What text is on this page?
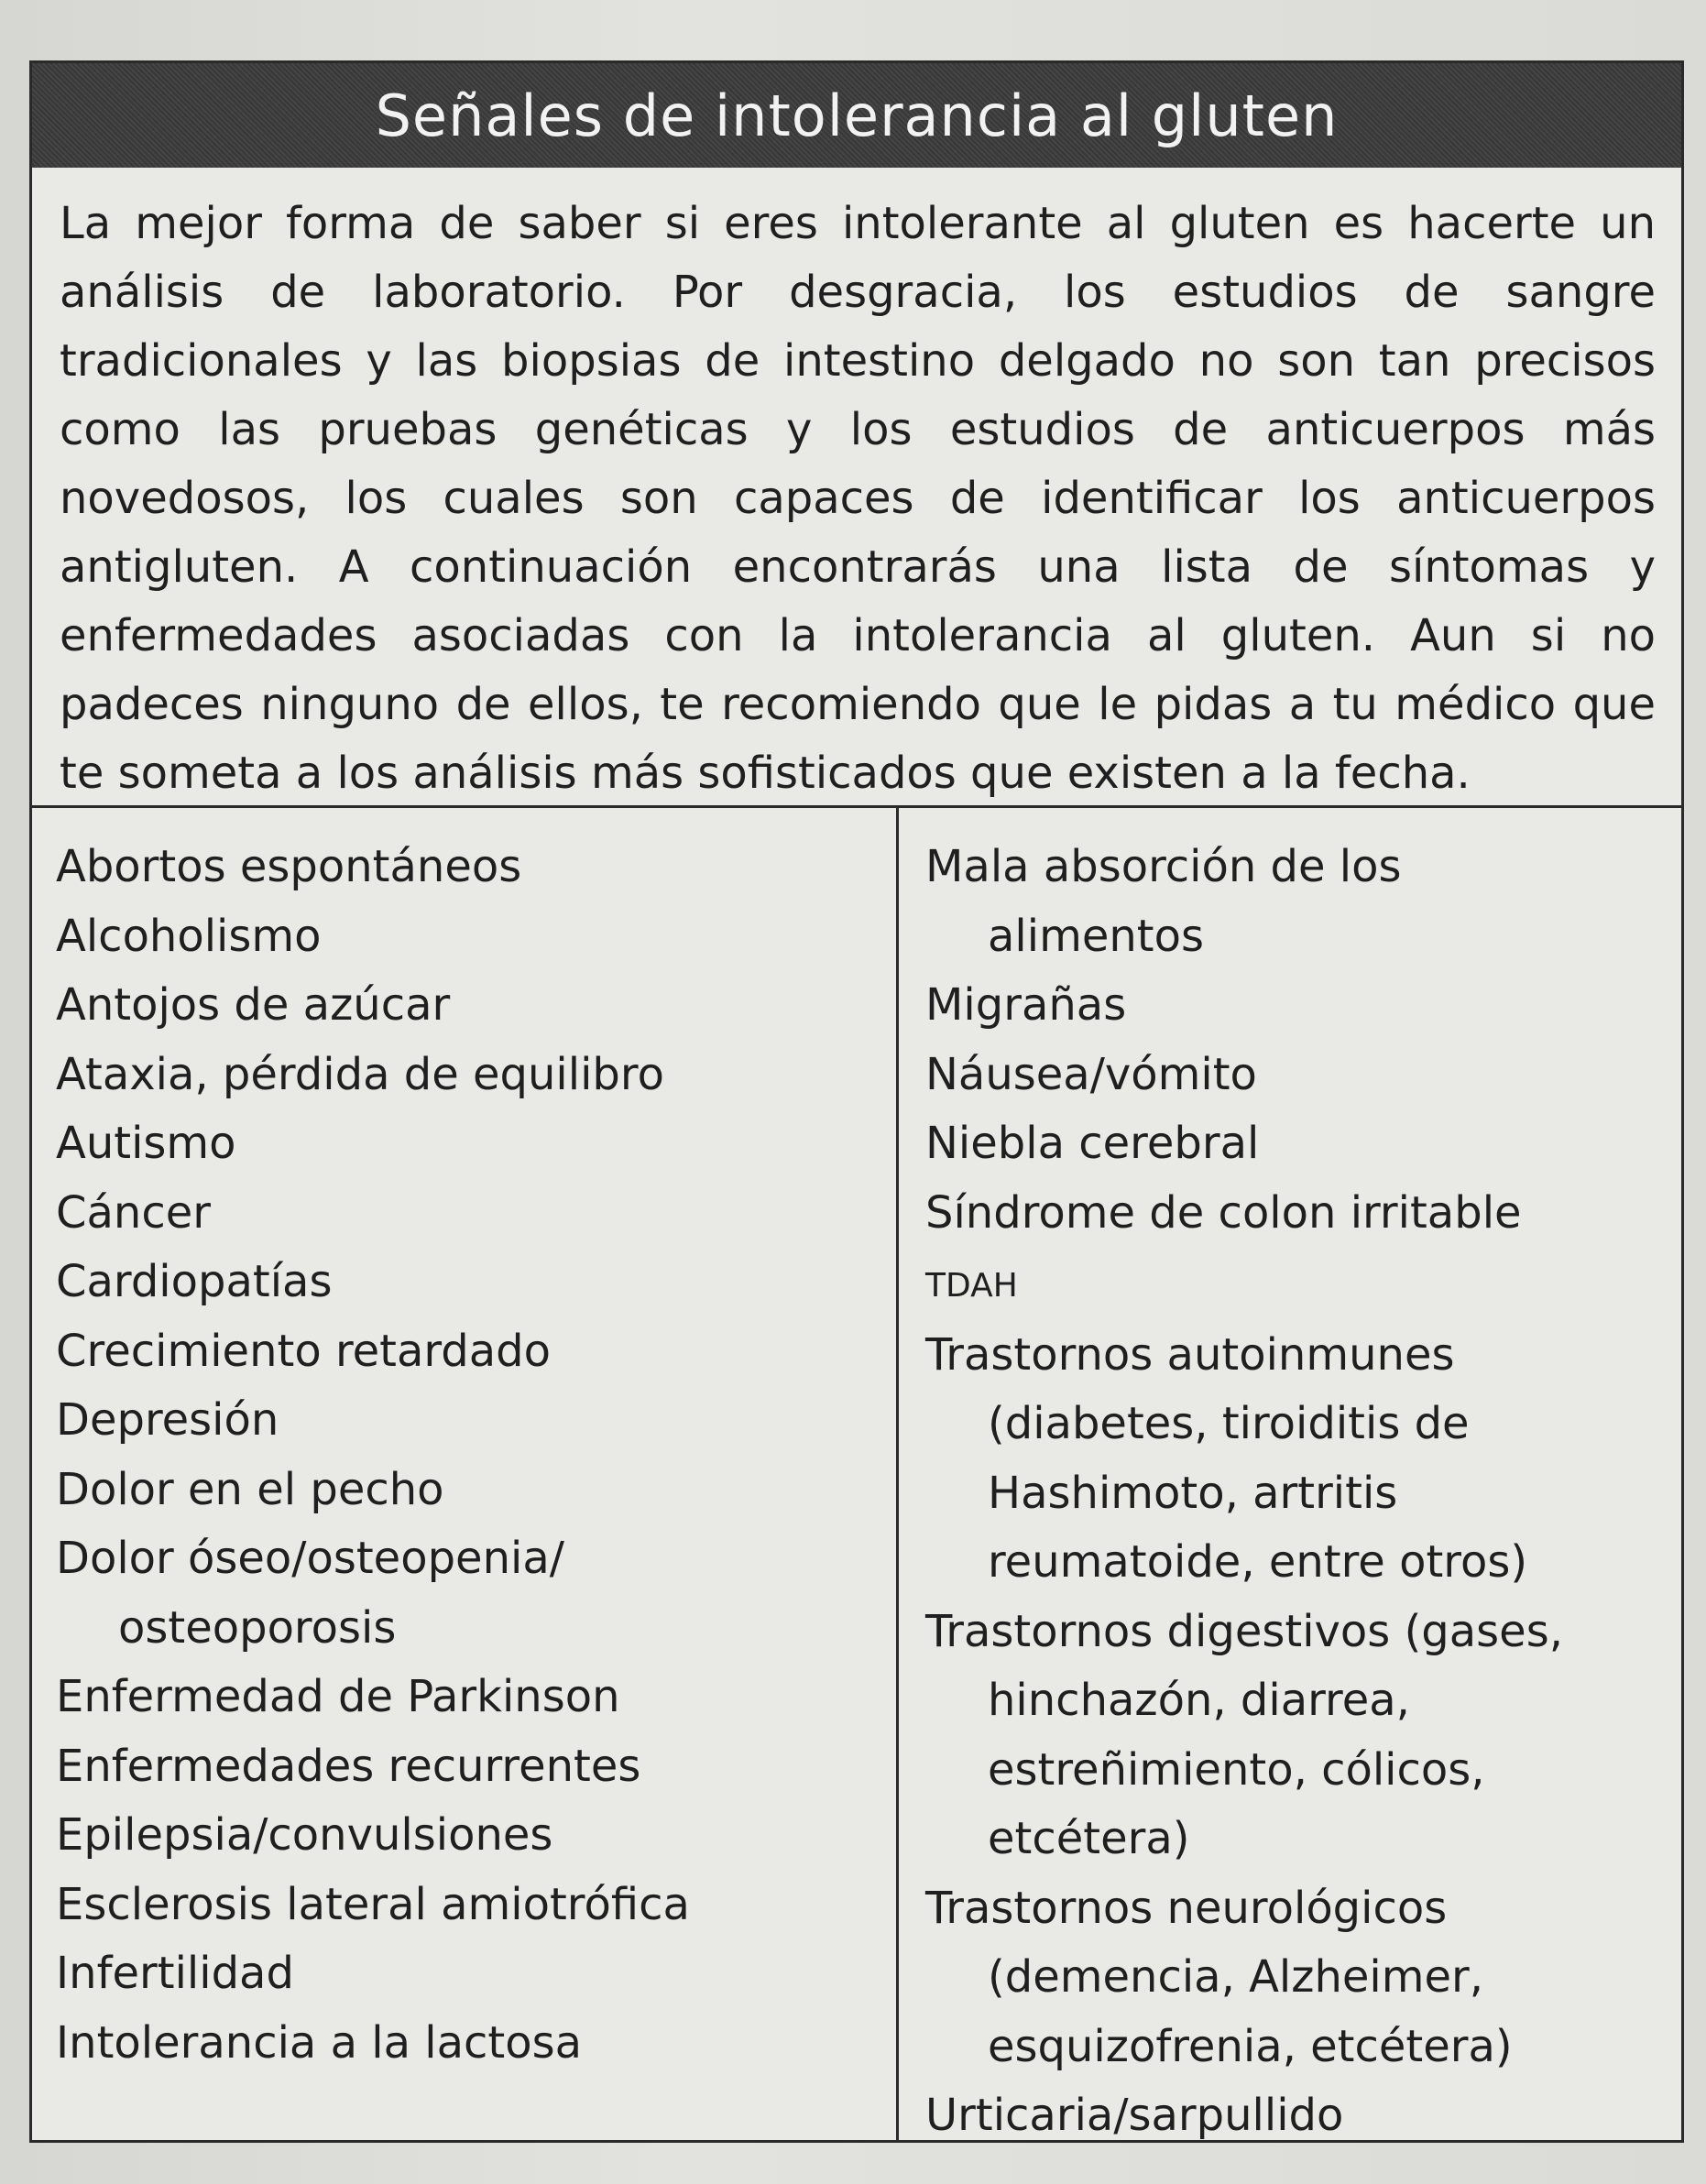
Señales de intolerancia al gluten
La mejor forma de saber si eres intolerante al gluten es hacerte un análisis de laboratorio. Por desgracia, los estudios de sangre tradicionales y las biopsias de intestino delgado no son tan precisos como las pruebas genéticas y los estudios de anticuerpos más novedosos, los cuales son capaces de identificar los anticuerpos antigluten. A continuación encontrarás una lista de síntomas y enfermedades asociadas con la intolerancia al gluten. Aun si no padeces ninguno de ellos, te recomiendo que le pidas a tu médico que te someta a los análisis más sofisticados que existen a la fecha.
Abortos espontáneos
Alcoholismo
Antojos de azúcar
Ataxia, pérdida de equilibro
Autismo
Cáncer
Cardiopatías
Crecimiento retardado
Depresión
Dolor en el pecho
Dolor óseo/osteopenia/ osteoporosis
Enfermedad de Parkinson
Enfermedades recurrentes
Epilepsia/convulsiones
Esclerosis lateral amiotrófica
Infertilidad
Intolerancia a la lactosa
Mala absorción de los alimentos
Migrañas
Náusea/vómito
Niebla cerebral
Síndrome de colon irritable
TDAH
Trastornos autoinmunes (diabetes, tiroiditis de Hashimoto, artritis reumatoide, entre otros)
Trastornos digestivos (gases, hinchazón, diarrea, estreñimiento, cólicos, etcétera)
Trastornos neurológicos (demencia, Alzheimer, esquizofrenia, etcétera)
Urticaria/sarpullido
